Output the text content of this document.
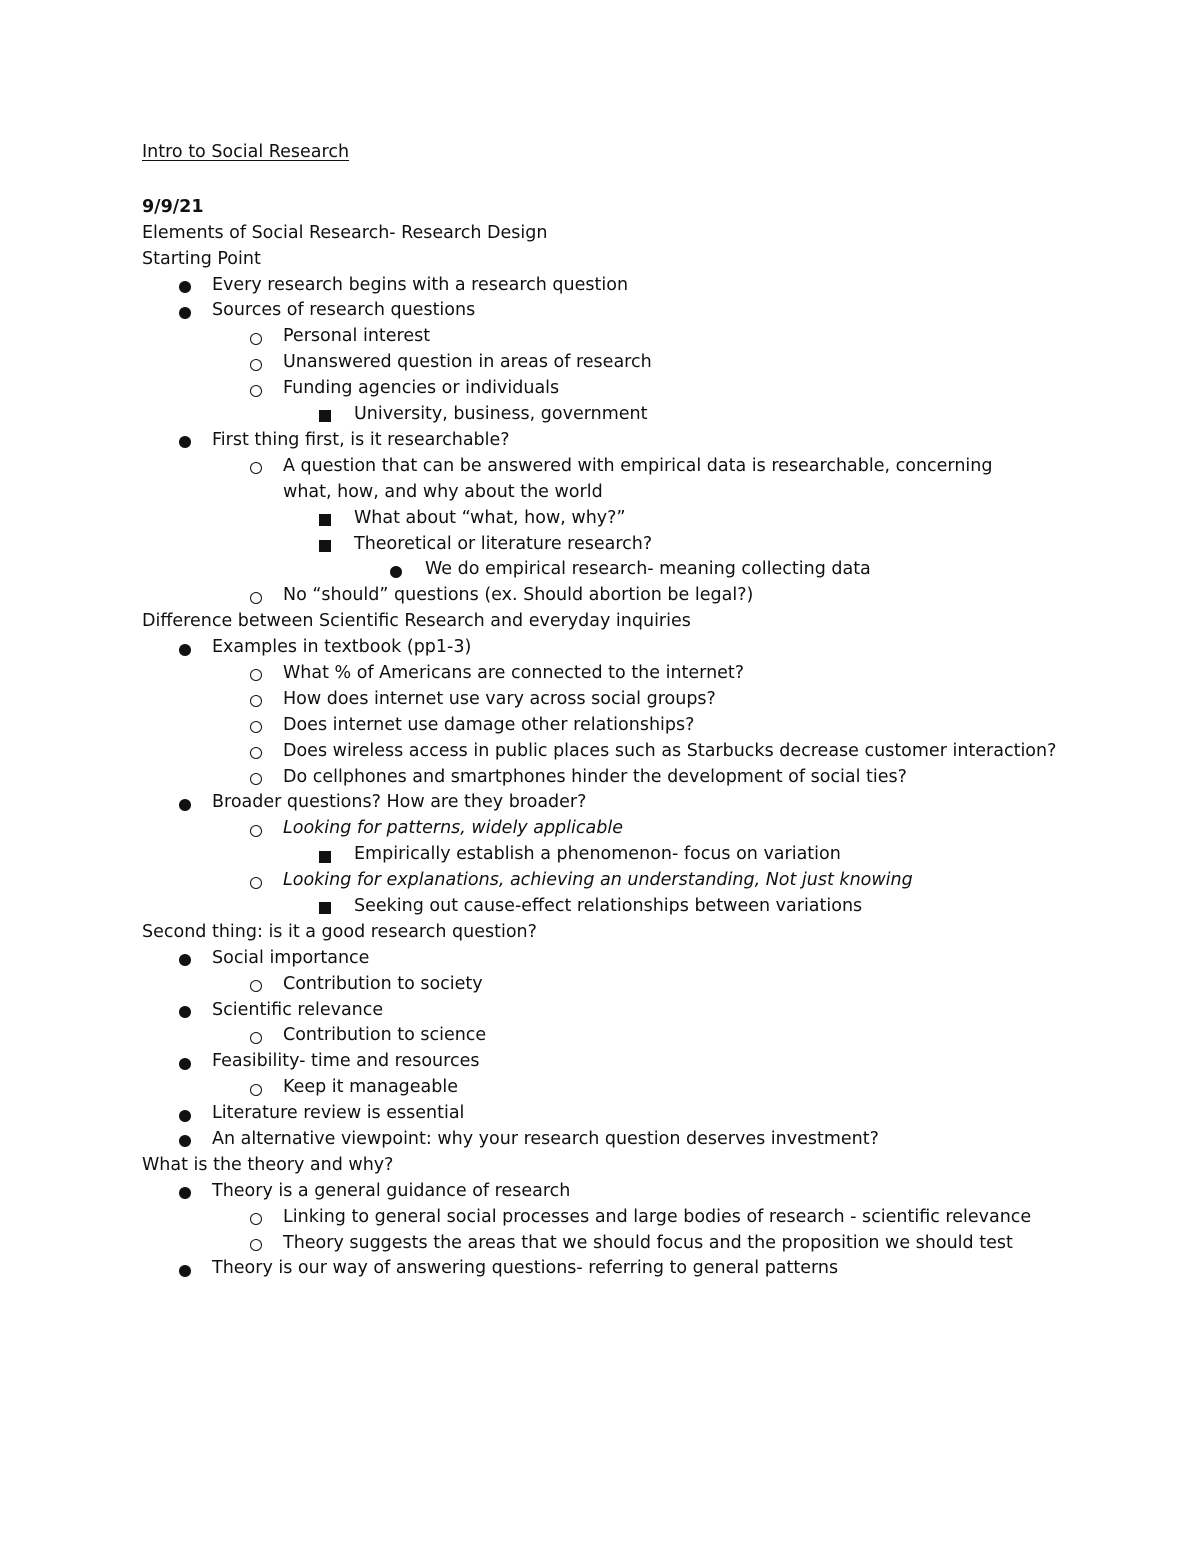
Intro to Social Research
9/9/21
Elements of Social Research- Research Design
Starting Point
Every research begins with a research question
Sources of research questions
Personal interest
Unanswered question in areas of research
Funding agencies or individuals
University, business, government
First thing first, is it researchable?
A question that can be answered with empirical data is researchable, concerning what, how, and why about the world
What about “what, how, why?”
Theoretical or literature research?
We do empirical research- meaning collecting data
No “should” questions (ex. Should abortion be legal?)
Difference between Scientific Research and everyday inquiries
Examples in textbook (pp1-3)
What % of Americans are connected to the internet?
How does internet use vary across social groups?
Does internet use damage other relationships?
Does wireless access in public places such as Starbucks decrease customer interaction?
Do cellphones and smartphones hinder the development of social ties?
Broader questions? How are they broader?
Looking for patterns, widely applicable
Empirically establish a phenomenon- focus on variation
Looking for explanations, achieving an understanding, Not just knowing
Seeking out cause-effect relationships between variations
Second thing: is it a good research question?
Social importance
Contribution to society
Scientific relevance
Contribution to science
Feasibility- time and resources
Keep it manageable
Literature review is essential
An alternative viewpoint: why your research question deserves investment?
What is the theory and why?
Theory is a general guidance of research
Linking to general social processes and large bodies of research - scientific relevance
Theory suggests the areas that we should focus and the proposition we should test
Theory is our way of answering questions- referring to general patterns
